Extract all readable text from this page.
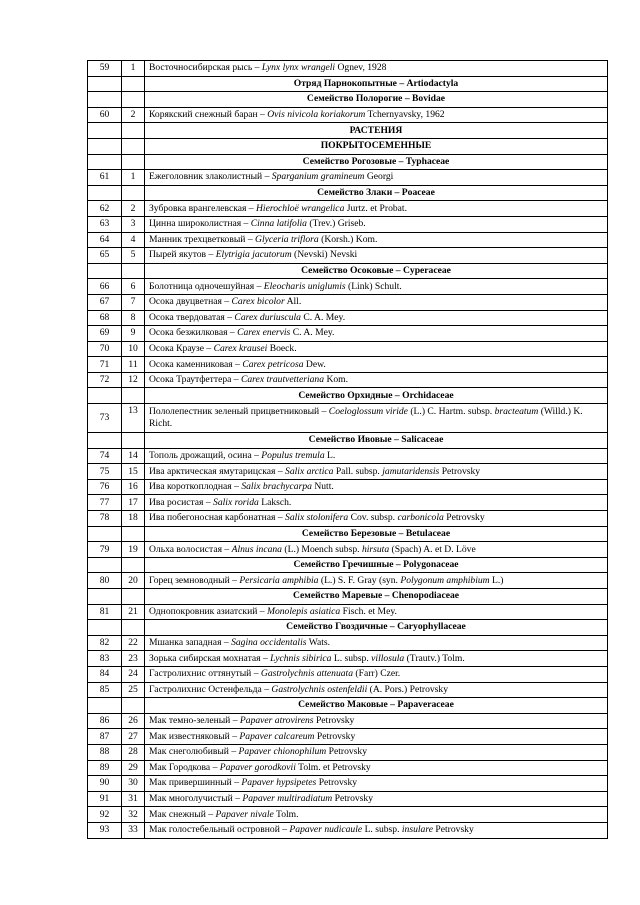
59	1	Восточносибирская рысь – Lynx lynx wrangeli Ognev, 1928
		Отряд Парнокопытные – Artiodactyla
		Семейство Полорогие – Bovidae
60	2	Корякский снежный баран – Ovis nivicola koriakorum Tchernyavsky, 1962
		РАСТЕНИЯ
		ПОКРЫТОСЕМЕННЫЕ
		Семейство Рогозовые – Typhaceae
61	1	Ежеголовник злаколистный – Sparganium gramineum Georgi
		Семейство Злаки – Poaceae
62	2	Зубровка врангелевская – Hierochloë wrangelica Jurtz. et Probat.
63	3	Цинна широколистная – Cinna latifolia (Trev.) Griseb.
64	4	Манник трехцветковый – Glyceria triflora (Korsh.) Kom.
65	5	Пырей якутов – Elytrigia jacutorum (Nevski) Nevski
		Семейство Осоковые – Cyperaceae
66	6	Болотница одночешуйная – Eleocharis uniglumis (Link) Schult.
67	7	Осока двуцветная – Carex bicolor All.
68	8	Осока твердоватая – Carex duriuscula C. A. Mey.
69	9	Осока безжилковая – Carex enervis C. A. Mey.
70	10	Осока Краузе – Carex krausei Boeck.
71	11	Осока каменниковая – Carex petricosa Dew.
72	12	Осока Траутфеттера – Carex trautvetteriana Kom.
		Семейство Орхидные – Orchidaceae
73	13	Пололепестник зеленый прицветниковый – Coeloglossum viride (L.) C. Hartm. subsp. bracteatum (Willd.) K. Richt.
		Семейство Ивовые – Salicaceae
74	14	Тополь дрожащий, осина – Populus tremula L.
75	15	Ива арктическая ямутарицская – Salix arctica Pall. subsp. jamutaridensis Petrovsky
76	16	Ива короткоплодная – Salix brachycarpa Nutt.
77	17	Ива росистая – Salix rorida Laksch.
78	18	Ива побегоносная карбонатная – Salix stolonifera Cov. subsp. carbonicola Petrovsky
		Семейство Березовые – Betulaceae
79	19	Ольха волосистая – Alnus incana (L.) Moench subsp. hirsuta (Spach) A. et D. Löve
		Семейство Гречишные – Polygonaceae
80	20	Горец земноводный – Persicaria amphibia (L.) S. F. Gray (syn. Polygonum amphibium L.)
		Семейство Маревые – Chenopodiaceae
81	21	Однопокровник азиатский – Monolepis asiatica Fisch. et Mey.
		Семейство Гвоздичные – Caryophyllaceae
82	22	Мшанка западная – Sagina occidentalis Wats.
83	23	Зорька сибирская мохнатая – Lychnis sibirica L. subsp. villosula (Trautv.) Tolm.
84	24	Гастролихнис оттянутый – Gastrolychnis attenuata (Farr) Czer.
85	25	Гастролихнис Остенфельда – Gastrolychnis ostenfeldii (A. Pors.) Petrovsky
		Семейство Маковые – Papaveraceae
86	26	Мак темно-зеленый – Papaver atrovirens Petrovsky
87	27	Мак известняковый – Papaver calcareum Petrovsky
88	28	Мак снеголюбивый – Papaver chionophilum Petrovsky
89	29	Мак Городкова – Papaver gorodkovii Tolm. et Petrovsky
90	30	Мак привершинный – Papaver hypsipetes Petrovsky
91	31	Мак многолучистый – Papaver multiradiatum Petrovsky
92	32	Мак снежный – Papaver nivale Tolm.
93	33	Мак голостебельный островной – Papaver nudicaule L. subsp. insulare Petrovsky
